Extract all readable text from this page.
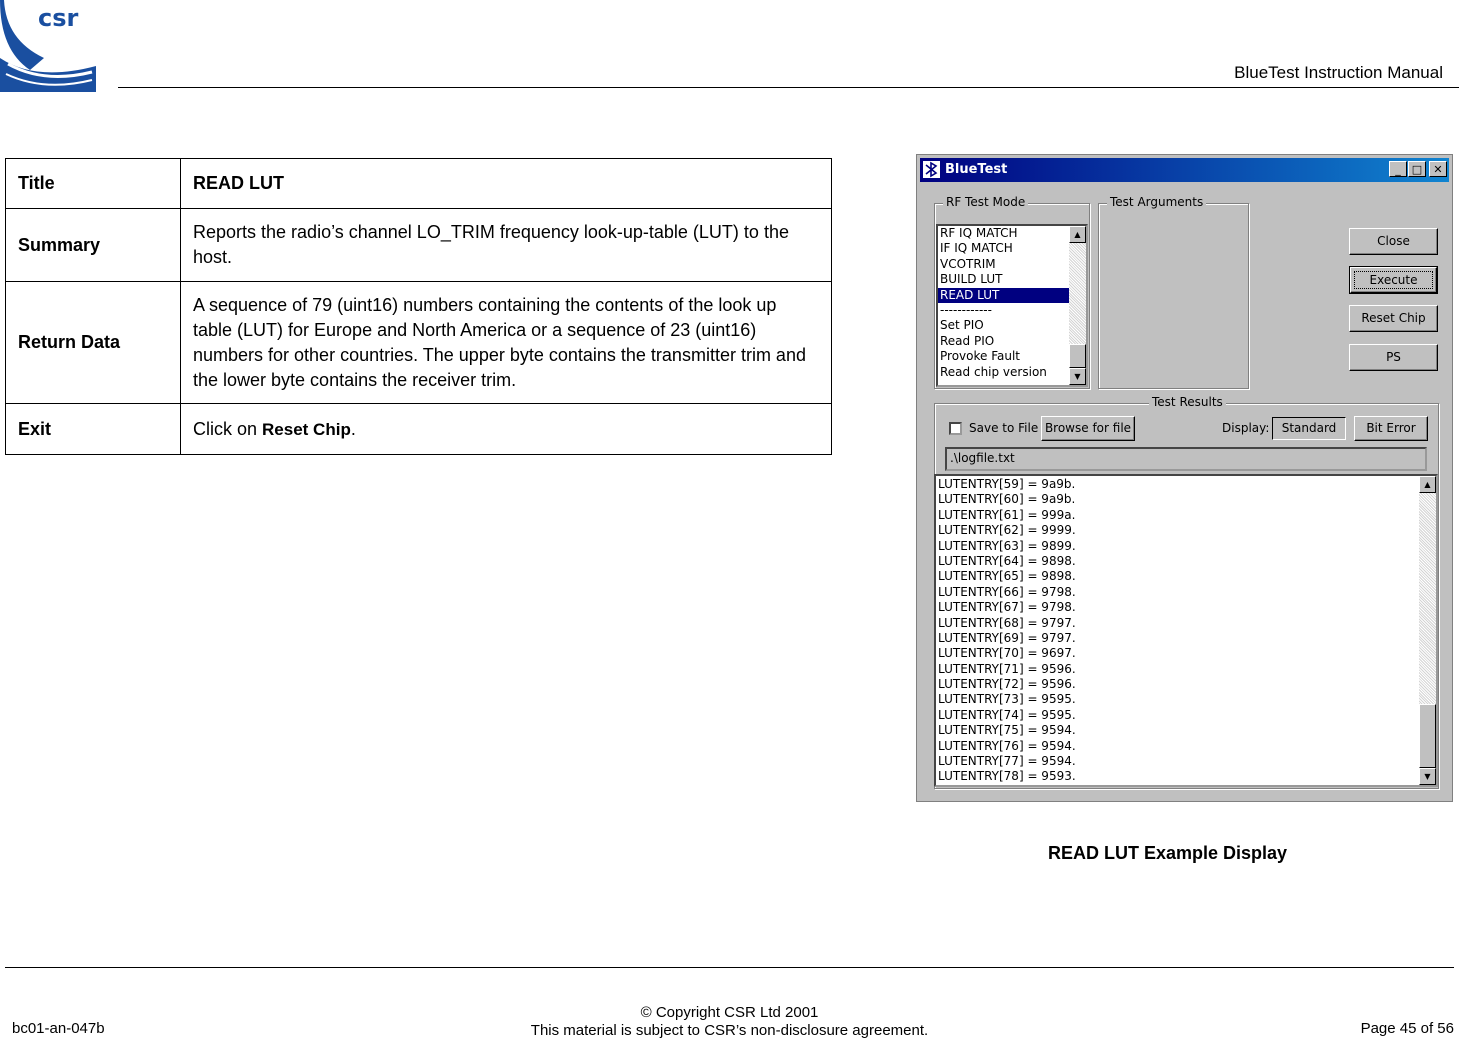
csr
BlueTest Instruction Manual
Title	READ LUT
Summary	Reports the radio’s channel LO_TRIM frequency look-up-table (LUT) to the host.
Return Data	A sequence of 79 (uint16) numbers containing the contents of the look up table (LUT) for Europe and North America or a sequence of 23 (uint16) numbers for other countries. The upper byte contains the transmitter trim and the lower byte contains the receiver trim.
Exit	Click on Reset Chip.
BlueTest	_	□	✕
RF Test Mode
RF IQ MATCH
IF IQ MATCH
VCOTRIM
BUILD LUT
READ LUT
------------
Set PIO
Read PIO
Provoke Fault
Read chip version
▲
▼
Test Arguments
Close
Execute
Reset Chip
PS
Test Results
Save to File Browse for file	Display:	Standard	Bit Error
.\logfile.txt
LUTENTRY[59] = 9a9b.
LUTENTRY[60] = 9a9b.
LUTENTRY[61] = 999a.
LUTENTRY[62] = 9999.
LUTENTRY[63] = 9899.
LUTENTRY[64] = 9898.
LUTENTRY[65] = 9898.
LUTENTRY[66] = 9798.
LUTENTRY[67] = 9798.
LUTENTRY[68] = 9797.
LUTENTRY[69] = 9797.
LUTENTRY[70] = 9697.
LUTENTRY[71] = 9596.
LUTENTRY[72] = 9596.
LUTENTRY[73] = 9595.
LUTENTRY[74] = 9595.
LUTENTRY[75] = 9594.
LUTENTRY[76] = 9594.
LUTENTRY[77] = 9594.
LUTENTRY[78] = 9593.
▲
▼
READ LUT Example Display
bc01-an-047b
© Copyright CSR Ltd 2001
This material is subject to CSR’s non-disclosure agreement.	Page 45 of 56
